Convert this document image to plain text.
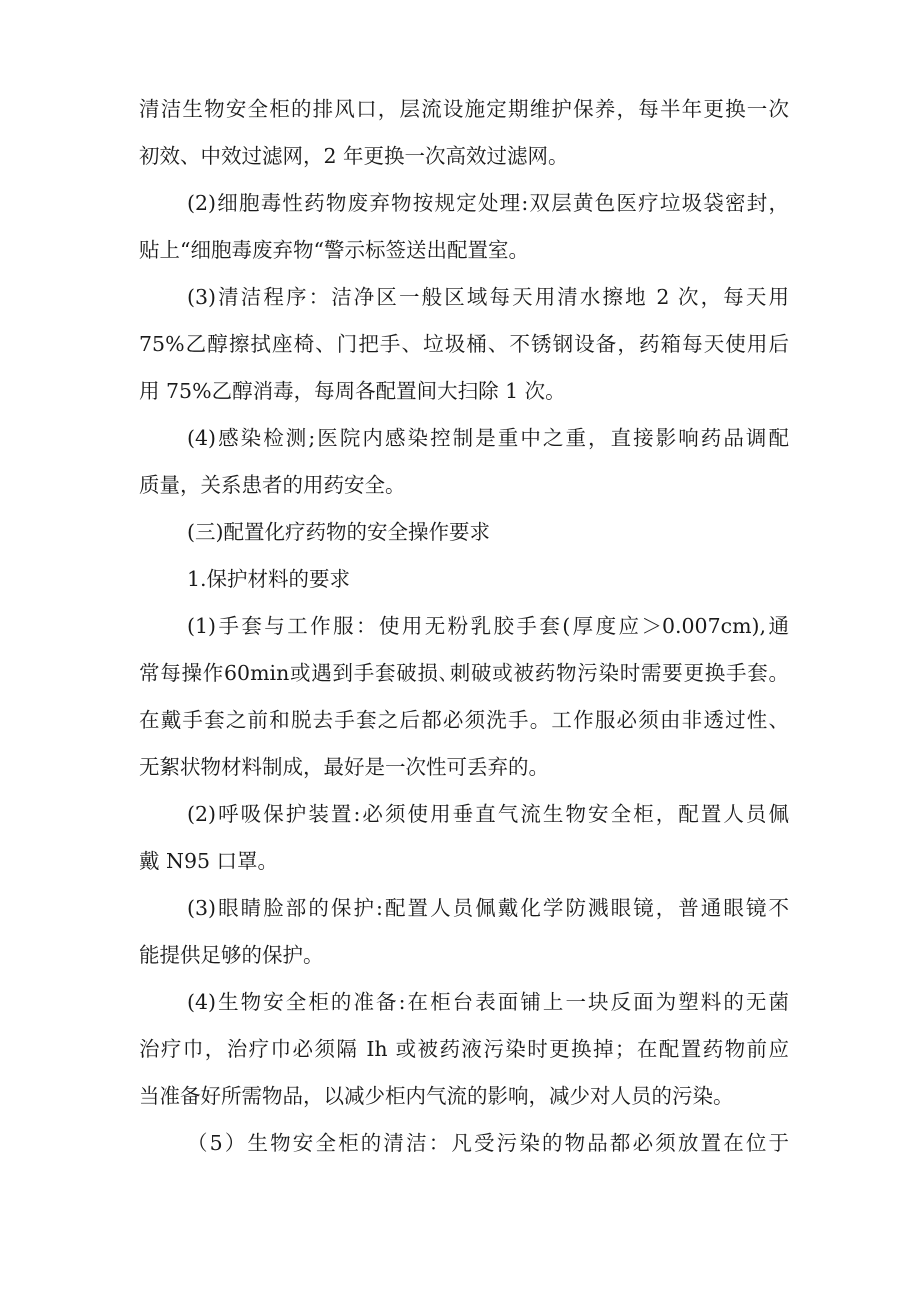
清洁生物安全柜的排风口，层流设施定期维护保养，每半年更换一次
初效、中效过滤网，2 年更换一次高效过滤网。
(2)细胞毒性药物废弃物按规定处理:双层黄色医疗垃圾袋密封，
贴上“细胞毒废弃物“警示标签送出配置室。
(3)清洁程序：洁净区一般区域每天用清水擦地 2 次，每天用
75%乙醇擦拭座椅、门把手、垃圾桶、不锈钢设备，药箱每天使用后
用 75%乙醇消毒，每周各配置间大扫除 1 次。
(4)感染检测;医院内感染控制是重中之重，直接影响药品调配
质量，关系患者的用药安全。
(三)配置化疗药物的安全操作要求
1.保护材料的要求
(1)手套与工作服：使用无粉乳胶手套(厚度应＞0.007cm),通
常每操作60min或遇到手套破损､刺破或被药物污染时需要更换手套。
在戴手套之前和脱去手套之后都必须洗手。工作服必须由非透过性、
无絮状物材料制成，最好是一次性可丢弃的。
(2)呼吸保护装置:必须使用垂直气流生物安全柜，配置人员佩
戴 N95 口罩。
(3)眼睛脸部的保护:配置人员佩戴化学防溅眼镜，普通眼镜不
能提供足够的保护。
(4)生物安全柜的准备:在柜台表面铺上一块反面为塑料的无菌
治疗巾，治疗巾必须隔 Ih 或被药液污染时更换掉；在配置药物前应
当准备好所需物品，以减少柜内气流的影响，减少对人员的污染。
（5）生物安全柜的清洁：凡受污染的物品都必须放置在位于
